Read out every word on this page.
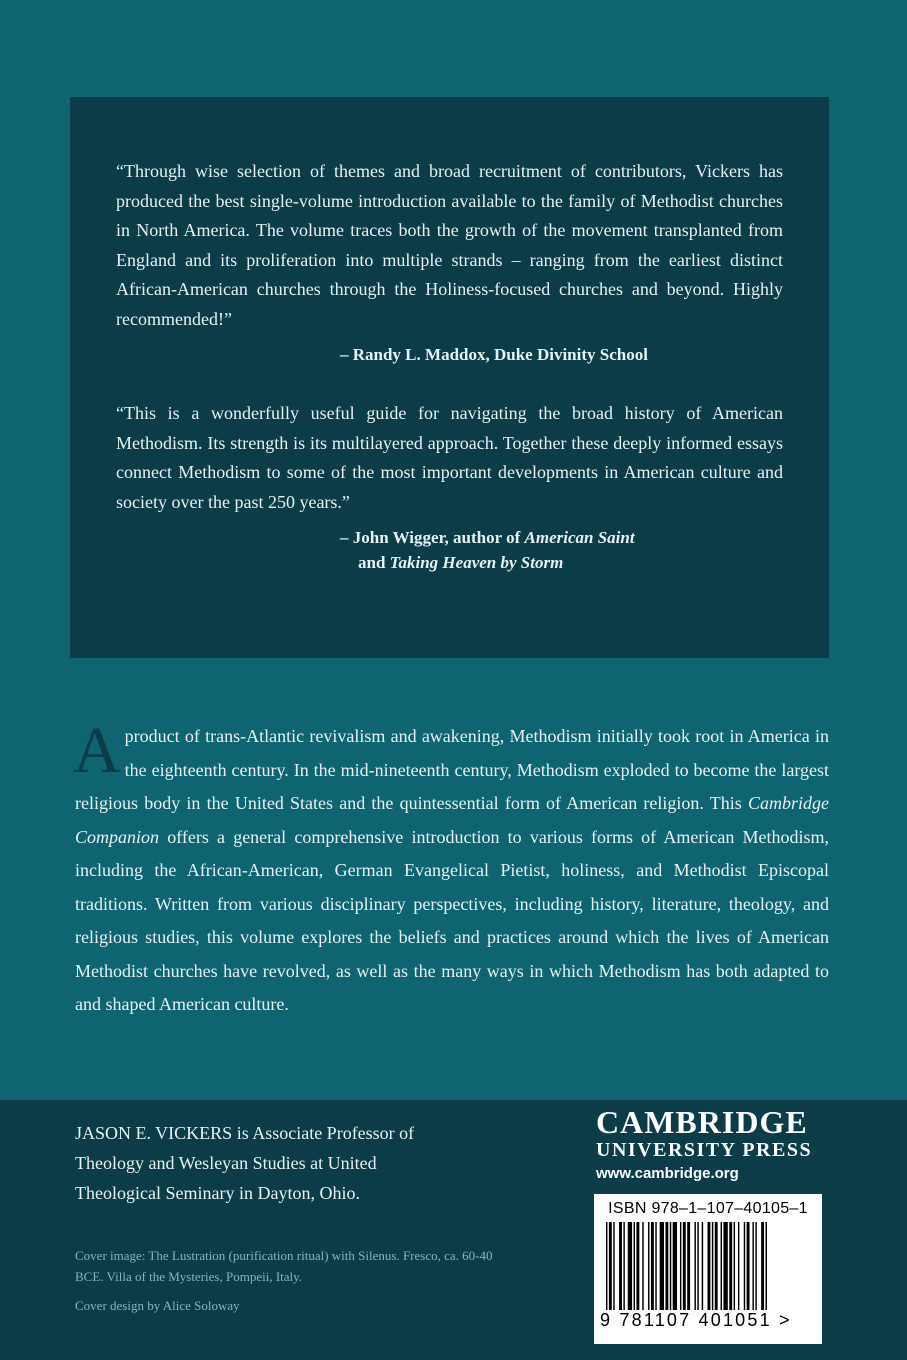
“Through wise selection of themes and broad recruitment of contributors, Vickers has produced the best single-volume introduction available to the family of Methodist churches in North America. The volume traces both the growth of the movement transplanted from England and its proliferation into multiple strands – ranging from the earliest distinct African-American churches through the Holiness-focused churches and beyond. Highly recommended!”

– Randy L. Maddox, Duke Divinity School

“This is a wonderfully useful guide for navigating the broad history of American Methodism. Its strength is its multilayered approach. Together these deeply informed essays connect Methodism to some of the most important developments in American culture and society over the past 250 years.”

– John Wigger, author of American Saint
and Taking Heaven by Storm

A product of trans-Atlantic revivalism and awakening, Methodism initially took root in America in the eighteenth century. In the mid-nineteenth century, Methodism exploded to become the largest religious body in the United States and the quintessential form of American religion. This Cambridge Companion offers a general comprehensive introduction to various forms of American Methodism, including the African-American, German Evangelical Pietist, holiness, and Methodist Episcopal traditions. Written from various disciplinary perspectives, including history, literature, theology, and religious studies, this volume explores the beliefs and practices around which the lives of American Methodist churches have revolved, as well as the many ways in which Methodism has both adapted to and shaped American culture.

JASON E. VICKERS is Associate Professor of Theology and Wesleyan Studies at United Theological Seminary in Dayton, Ohio.

Cover image: The Lustration (purification ritual) with Silenus. Fresco, ca. 60-40 BCE. Villa of the Mysteries, Pompeii, Italy.

Cover design by Alice Soloway

CAMBRIDGE

UNIVERSITY PRESS

www.cambridge.org

ISBN 978–1–107–40105–1

9 781107 401051 >
